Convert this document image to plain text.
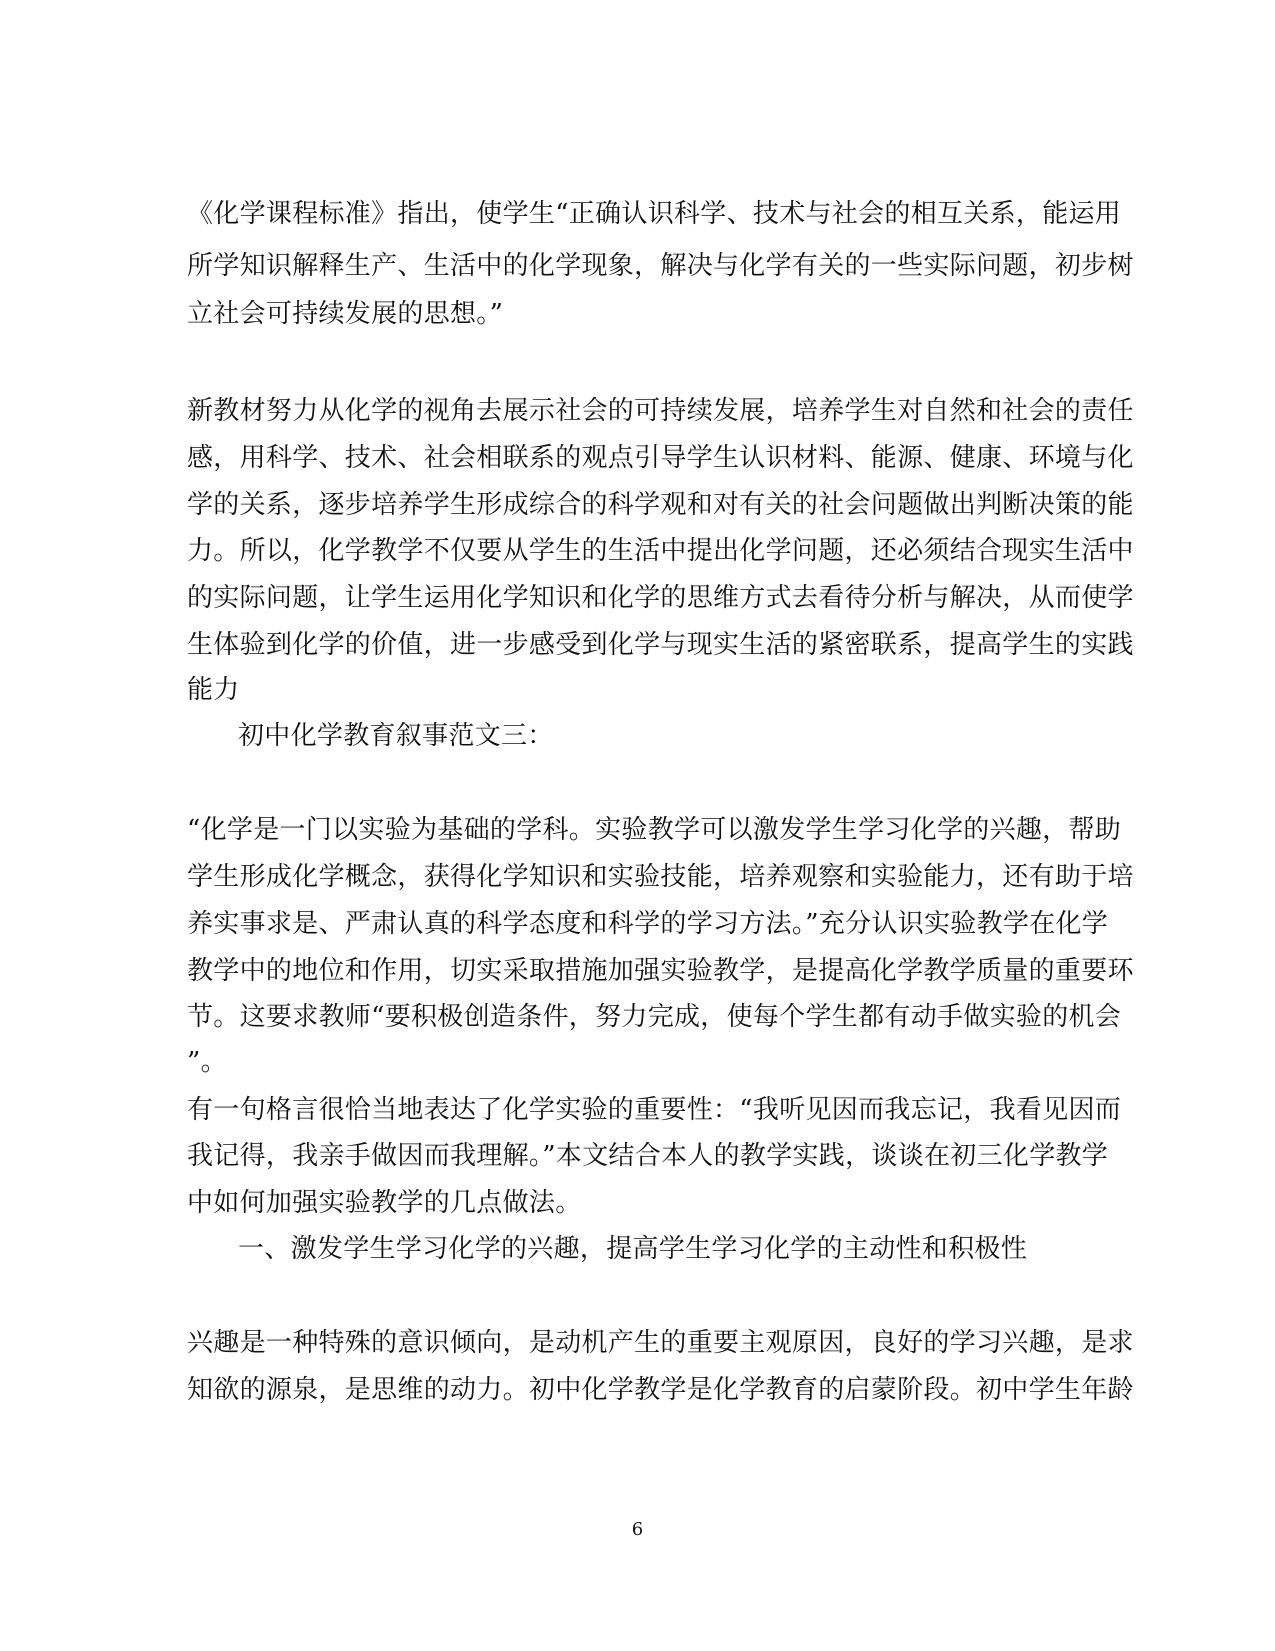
《化学课程标准》指出，使学生“正确认识科学、技术与社会的相互关系，能运用
所学知识解释生产、生活中的化学现象，解决与化学有关的一些实际问题，初步树
立社会可持续发展的思想。”
新教材努力从化学的视角去展示社会的可持续发展，培养学生对自然和社会的责任
感，用科学、技术、社会相联系的观点引导学生认识材料、能源、健康、环境与化
学的关系，逐步培养学生形成综合的科学观和对有关的社会问题做出判断决策的能
力。所以，化学教学不仅要从学生的生活中提出化学问题，还必须结合现实生活中
的实际问题，让学生运用化学知识和化学的思维方式去看待分析与解决，从而使学
生体验到化学的价值，进一步感受到化学与现实生活的紧密联系，提高学生的实践
能力
初中化学教育叙事范文三：
“化学是一门以实验为基础的学科。实验教学可以激发学生学习化学的兴趣，帮助
学生形成化学概念，获得化学知识和实验技能，培养观察和实验能力，还有助于培
养实事求是、严肃认真的科学态度和科学的学习方法。”充分认识实验教学在化学
教学中的地位和作用，切实采取措施加强实验教学，是提高化学教学质量的重要环
节。这要求教师“要积极创造条件，努力完成，使每个学生都有动手做实验的机会
”。
有一句格言很恰当地表达了化学实验的重要性：“我听见因而我忘记，我看见因而
我记得，我亲手做因而我理解。”本文结合本人的教学实践，谈谈在初三化学教学
中如何加强实验教学的几点做法。
一、激发学生学习化学的兴趣，提高学生学习化学的主动性和积极性
兴趣是一种特殊的意识倾向，是动机产生的重要主观原因，良好的学习兴趣，是求
知欲的源泉，是思维的动力。初中化学教学是化学教育的启蒙阶段。初中学生年龄
6
